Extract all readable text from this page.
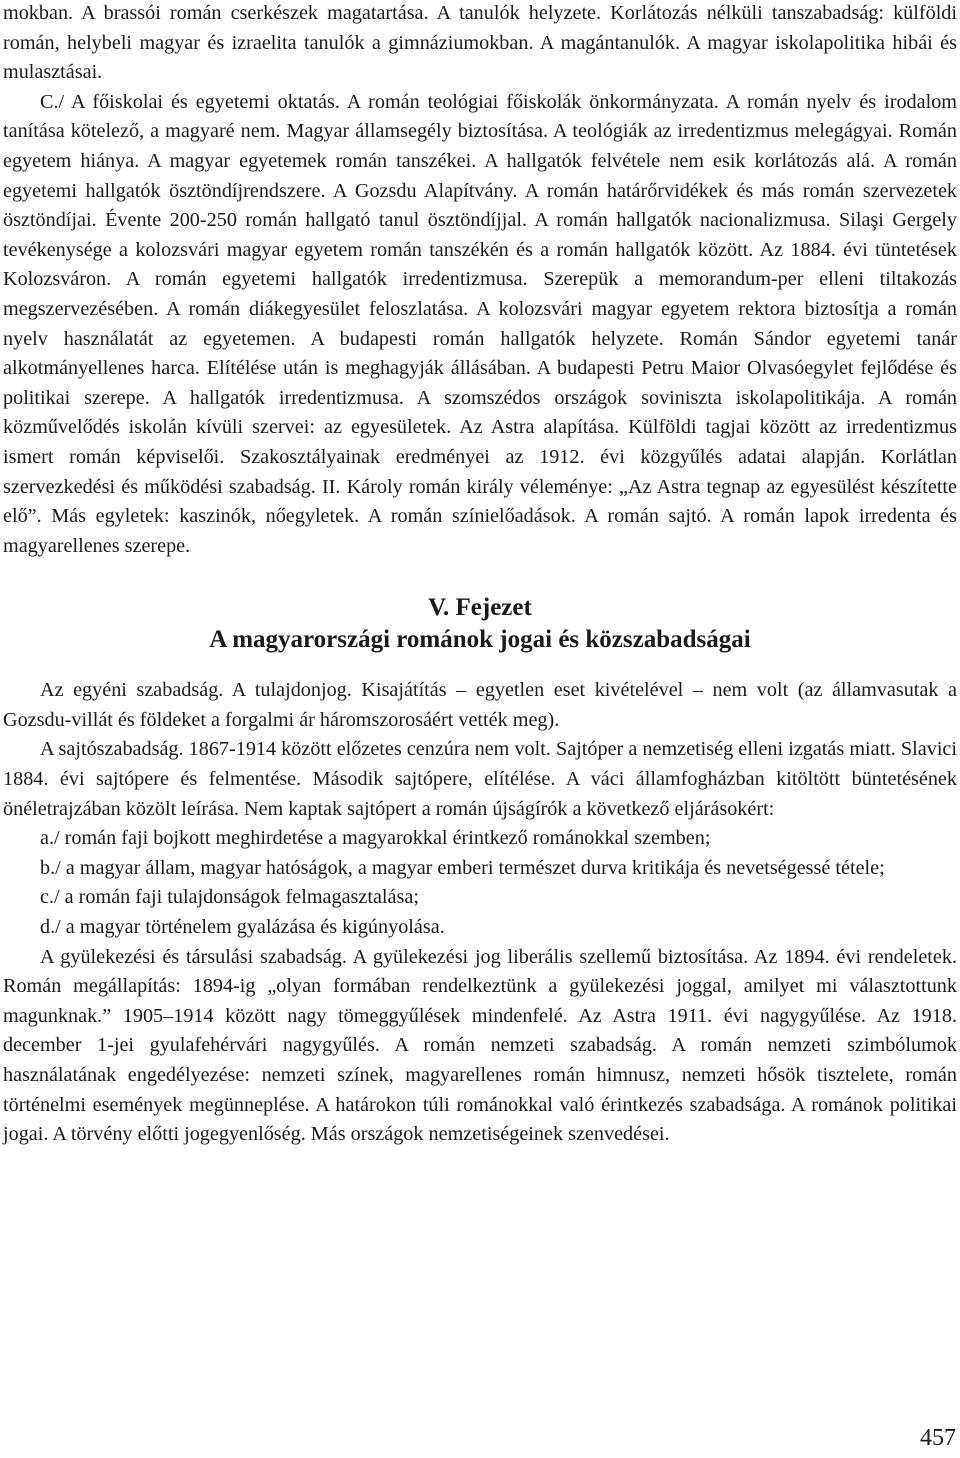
mokban. A brassói román cserkészek magatartása. A tanulók helyzete. Korlátozás nélküli tanszabadság: külföldi román, helybeli magyar és izraelita tanulók a gimnáziumokban. A magántanulók. A magyar iskolapolitika hibái és mulasztásai.

C./ A főiskolai és egyetemi oktatás. A román teológiai főiskolák önkormányzata. A román nyelv és irodalom tanítása kötelező, a magyaré nem. Magyar államsegély biztosítása. A teológiák az irredentizmus melegágyai. Román egyetem hiánya. A magyar egyetemek román tanszékei. A hallgatók felvétele nem esik korlátozás alá. A román egyetemi hallgatók ösztöndíjrendszere. A Gozsdu Alapítvány. A román határőrvidékek és más román szervezetek ösztöndíjai. Évente 200-250 román hallgató tanul ösztöndíjjal. A román hallgatók nacionalizmusa. Silaşi Gergely tevékenysége a kolozsvári magyar egyetem román tanszékén és a román hallgatók között. Az 1884. évi tüntetések Kolozsváron. A román egyetemi hallgatók irredentizmusa. Szerepük a memorandum-per elleni tiltakozás megszervezésében. A román diákegyesület feloszlatása. A kolozsvári magyar egyetem rektora biztosítja a román nyelv használatát az egyetemen. A budapesti román hallgatók helyzete. Román Sándor egyetemi tanár alkotmányellenes harca. Elítélése után is meghagyják állásában. A budapesti Petru Maior Olvasóegylet fejlődése és politikai szerepe. A hallgatók irredentizmusa. A szomszédos országok soviniszta iskolapolitikája. A román közművelődés iskolán kívüli szervei: az egyesületek. Az Astra alapítása. Külföldi tagjai között az irredentizmus ismert román képviselői. Szakosztályainak eredményei az 1912. évi közgyűlés adatai alapján. Korlátlan szervezkedési és működési szabadság. II. Károly román király véleménye: „Az Astra tegnap az egyesülést készítette elő”. Más egyletek: kaszinók, nőegyletek. A román színielőadások. A román sajtó. A román lapok irredenta és magyarellenes szerepe.

V. Fejezet
A magyarországi románok jogai és közszabadságai

Az egyéni szabadság. A tulajdonjog. Kisajátítás – egyetlen eset kivételével – nem volt (az államvasutak a Gozsdu-villát és földeket a forgalmi ár háromszorosáért vették meg).

A sajtószabadság. 1867-1914 között előzetes cenzúra nem volt. Sajtóper a nemzetiség elleni izgatás miatt. Slavici 1884. évi sajtópere és felmentése. Második sajtópere, elítélése. A váci államfogházban kitöltött büntetésének önéletrajzában közölt leírása. Nem kaptak sajtópert a román újságírók a következő eljárásokért:

a./ román faji bojkott meghirdetése a magyarokkal érintkező románokkal szemben;

b./ a magyar állam, magyar hatóságok, a magyar emberi természet durva kritikája és nevetségessé tétele;

c./ a román faji tulajdonságok felmagasztalása;

d./ a magyar történelem gyalázása és kigúnyolása.

A gyülekezési és társulási szabadság. A gyülekezési jog liberális szellemű biztosítása. Az 1894. évi rendeletek. Román megállapítás: 1894-ig „olyan formában rendelkeztünk a gyülekezési joggal, amilyet mi választottunk magunknak.” 1905–1914 között nagy tömeggyűlések mindenfelé. Az Astra 1911. évi nagygyűlése. Az 1918. december 1-jei gyulafehérvári nagygyűlés. A román nemzeti szabadság. A román nemzeti szimbólumok használatának engedélyezése: nemzeti színek, magyarellenes román himnusz, nemzeti hősök tisztelete, román történelmi események megünneplése. A határokon túli románokkal való érintkezés szabadsága. A románok politikai jogai. A törvény előtti jogegyenlőség. Más országok nemzetiségeinek szenvedései.

457
